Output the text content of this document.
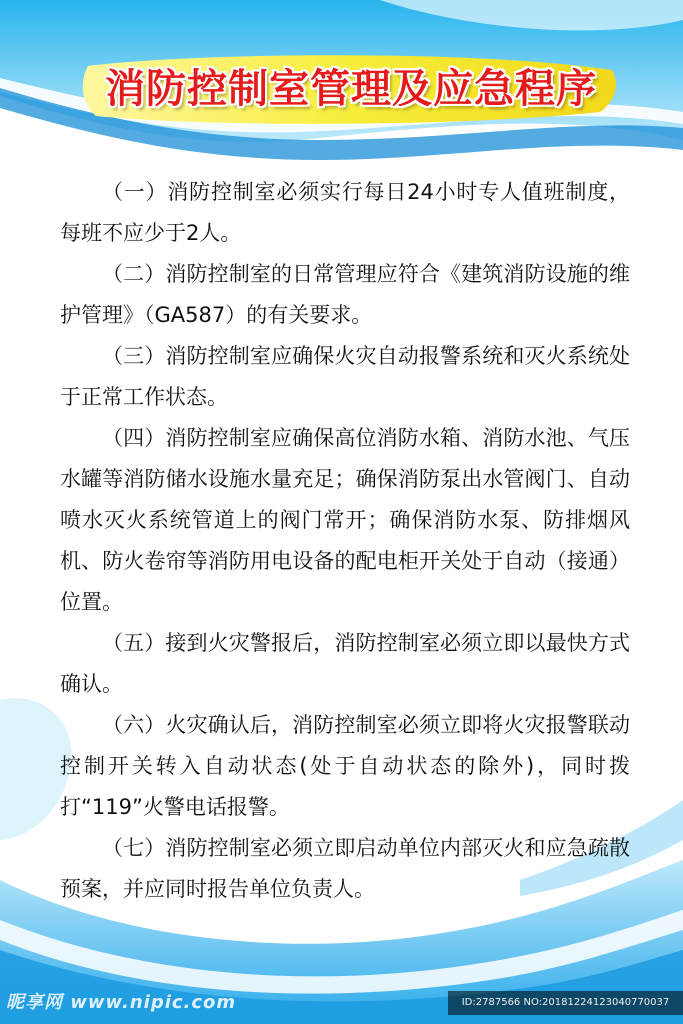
消防控制室管理及应急程序

（一）消防控制室必须实行每日24小时专人值班制度，每班不应少于2人。

（二）消防控制室的日常管理应符合《建筑消防设施的维护管理》（GA587）的有关要求。

（三）消防控制室应确保火灾自动报警系统和灭火系统处于正常工作状态。

（四）消防控制室应确保高位消防水箱、消防水池、气压水罐等消防储水设施水量充足；确保消防泵出水管阀门、自动喷水灭火系统管道上的阀门常开；确保消防水泵、防排烟风机、防火卷帘等消防用电设备的配电柜开关处于自动（接通）位置。

（五）接到火灾警报后，消防控制室必须立即以最快方式确认。

（六）火灾确认后，消防控制室必须立即将火灾报警联动控制开关转入自动状态(处于自动状态的除外)，同时拨打“119”火警电话报警。

（七）消防控制室必须立即启动单位内部灭火和应急疏散预案，并应同时报告单位负责人。

昵享网 www.nipic.com	ID:2787566 NO:20181224123040770037
